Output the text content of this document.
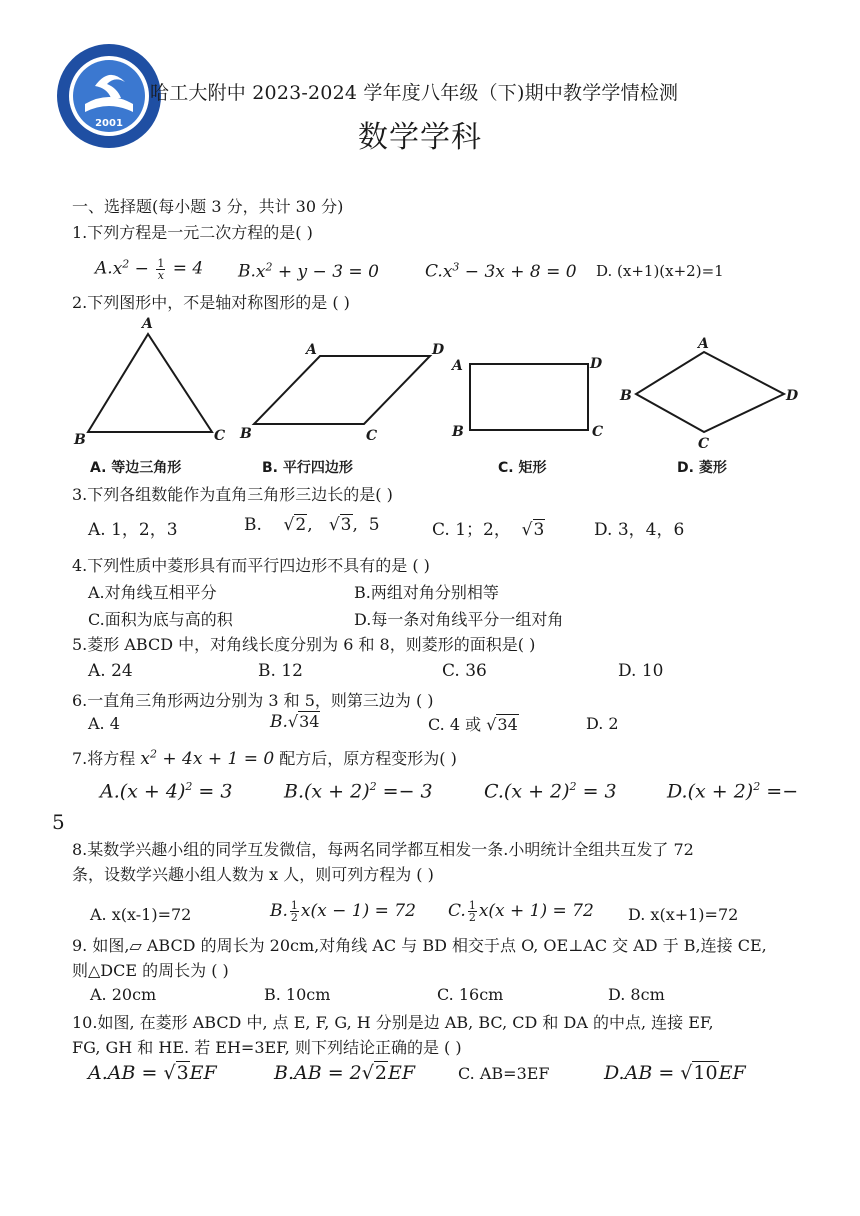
2001
哈工大附中 2023-2024 学年度八年级（下)期中教学学情检测
数学学科
一、选择题(每小题 3 分，共计 30 分)
1.下列方程是一元二次方程的是( )
$A.x^2 - \frac{1}{x} = 4$ $B.x^2 + y - 3 = 0$	$C.x^3 - 3x + 8 = 0$ D. (x+1)(x+2)=1
2.下列图形中，不是轴对称图形的是 ( )
A
B	C
A	D
B	C
A	D
B	C
A
B	D
C
A. 等边三角形	B. 平行四边形	C. 矩形	D. 菱形
3.下列各组数能作为直角三角形三边长的是( )
A. 1，2，3	B. √2,   √3,  5	C. 1；2， √3	D. 3，4，6
4.下列性质中菱形具有而平行四边形不具有的是 ( )
A.对角线互相平分	B.两组对角分别相等
C.面积为底与高的积	D.每一条对角线平分一组对角
5.菱形 ABCD 中，对角线长度分别为 6 和 8，则菱形的面积是( )
A. 24	B. 12	C. 36	D. 10
6.一直角三角形两边分别为 3 和 5，则第三边为 ( )
A. 4	B.√34	C. 4 或 √34	D. 2
7.将方程 $x^2 + 4x + 1 = 0$ 配方后，原方程变形为( )
$A.(x + 4)^2 = 3$	$B.(x + 2)^2 =- 3$	$C.(x + 2)^2 = 3$	$D.(x + 2)^2$ =−
5
8.某数学兴趣小组的同学互发微信，每两名同学都互相发一条.小明统计全组共互发了 72
条，设数学兴趣小组人数为 x 人，则可列方程为 ( )
A. x(x-1)=72	B. $\frac{1}{2} x(x - 1) = 72$ C. $\frac{1}{2} x(x + 1) = 72$ D. x(x+1)=72
9. 如图,▱ ABCD 的周长为 20cm,对角线 AC 与 BD 相交于点 O, OE⊥AC 交 AD 于 B,连接 CE,
则△DCE 的周长为 ( )
A. 20cm	B. 10cm	C. 16cm	D. 8cm
10.如图, 在菱形 ABCD 中, 点 E, F, G, H 分别是边 AB, BC, CD 和 DA 的中点, 连接 EF,
FG, GH 和 HE. 若 EH=3EF, 则下列结论正确的是 ( )
A.AB = √3EF	B.AB = 2√2EF	C. AB=3EF	D.AB = √10EF
